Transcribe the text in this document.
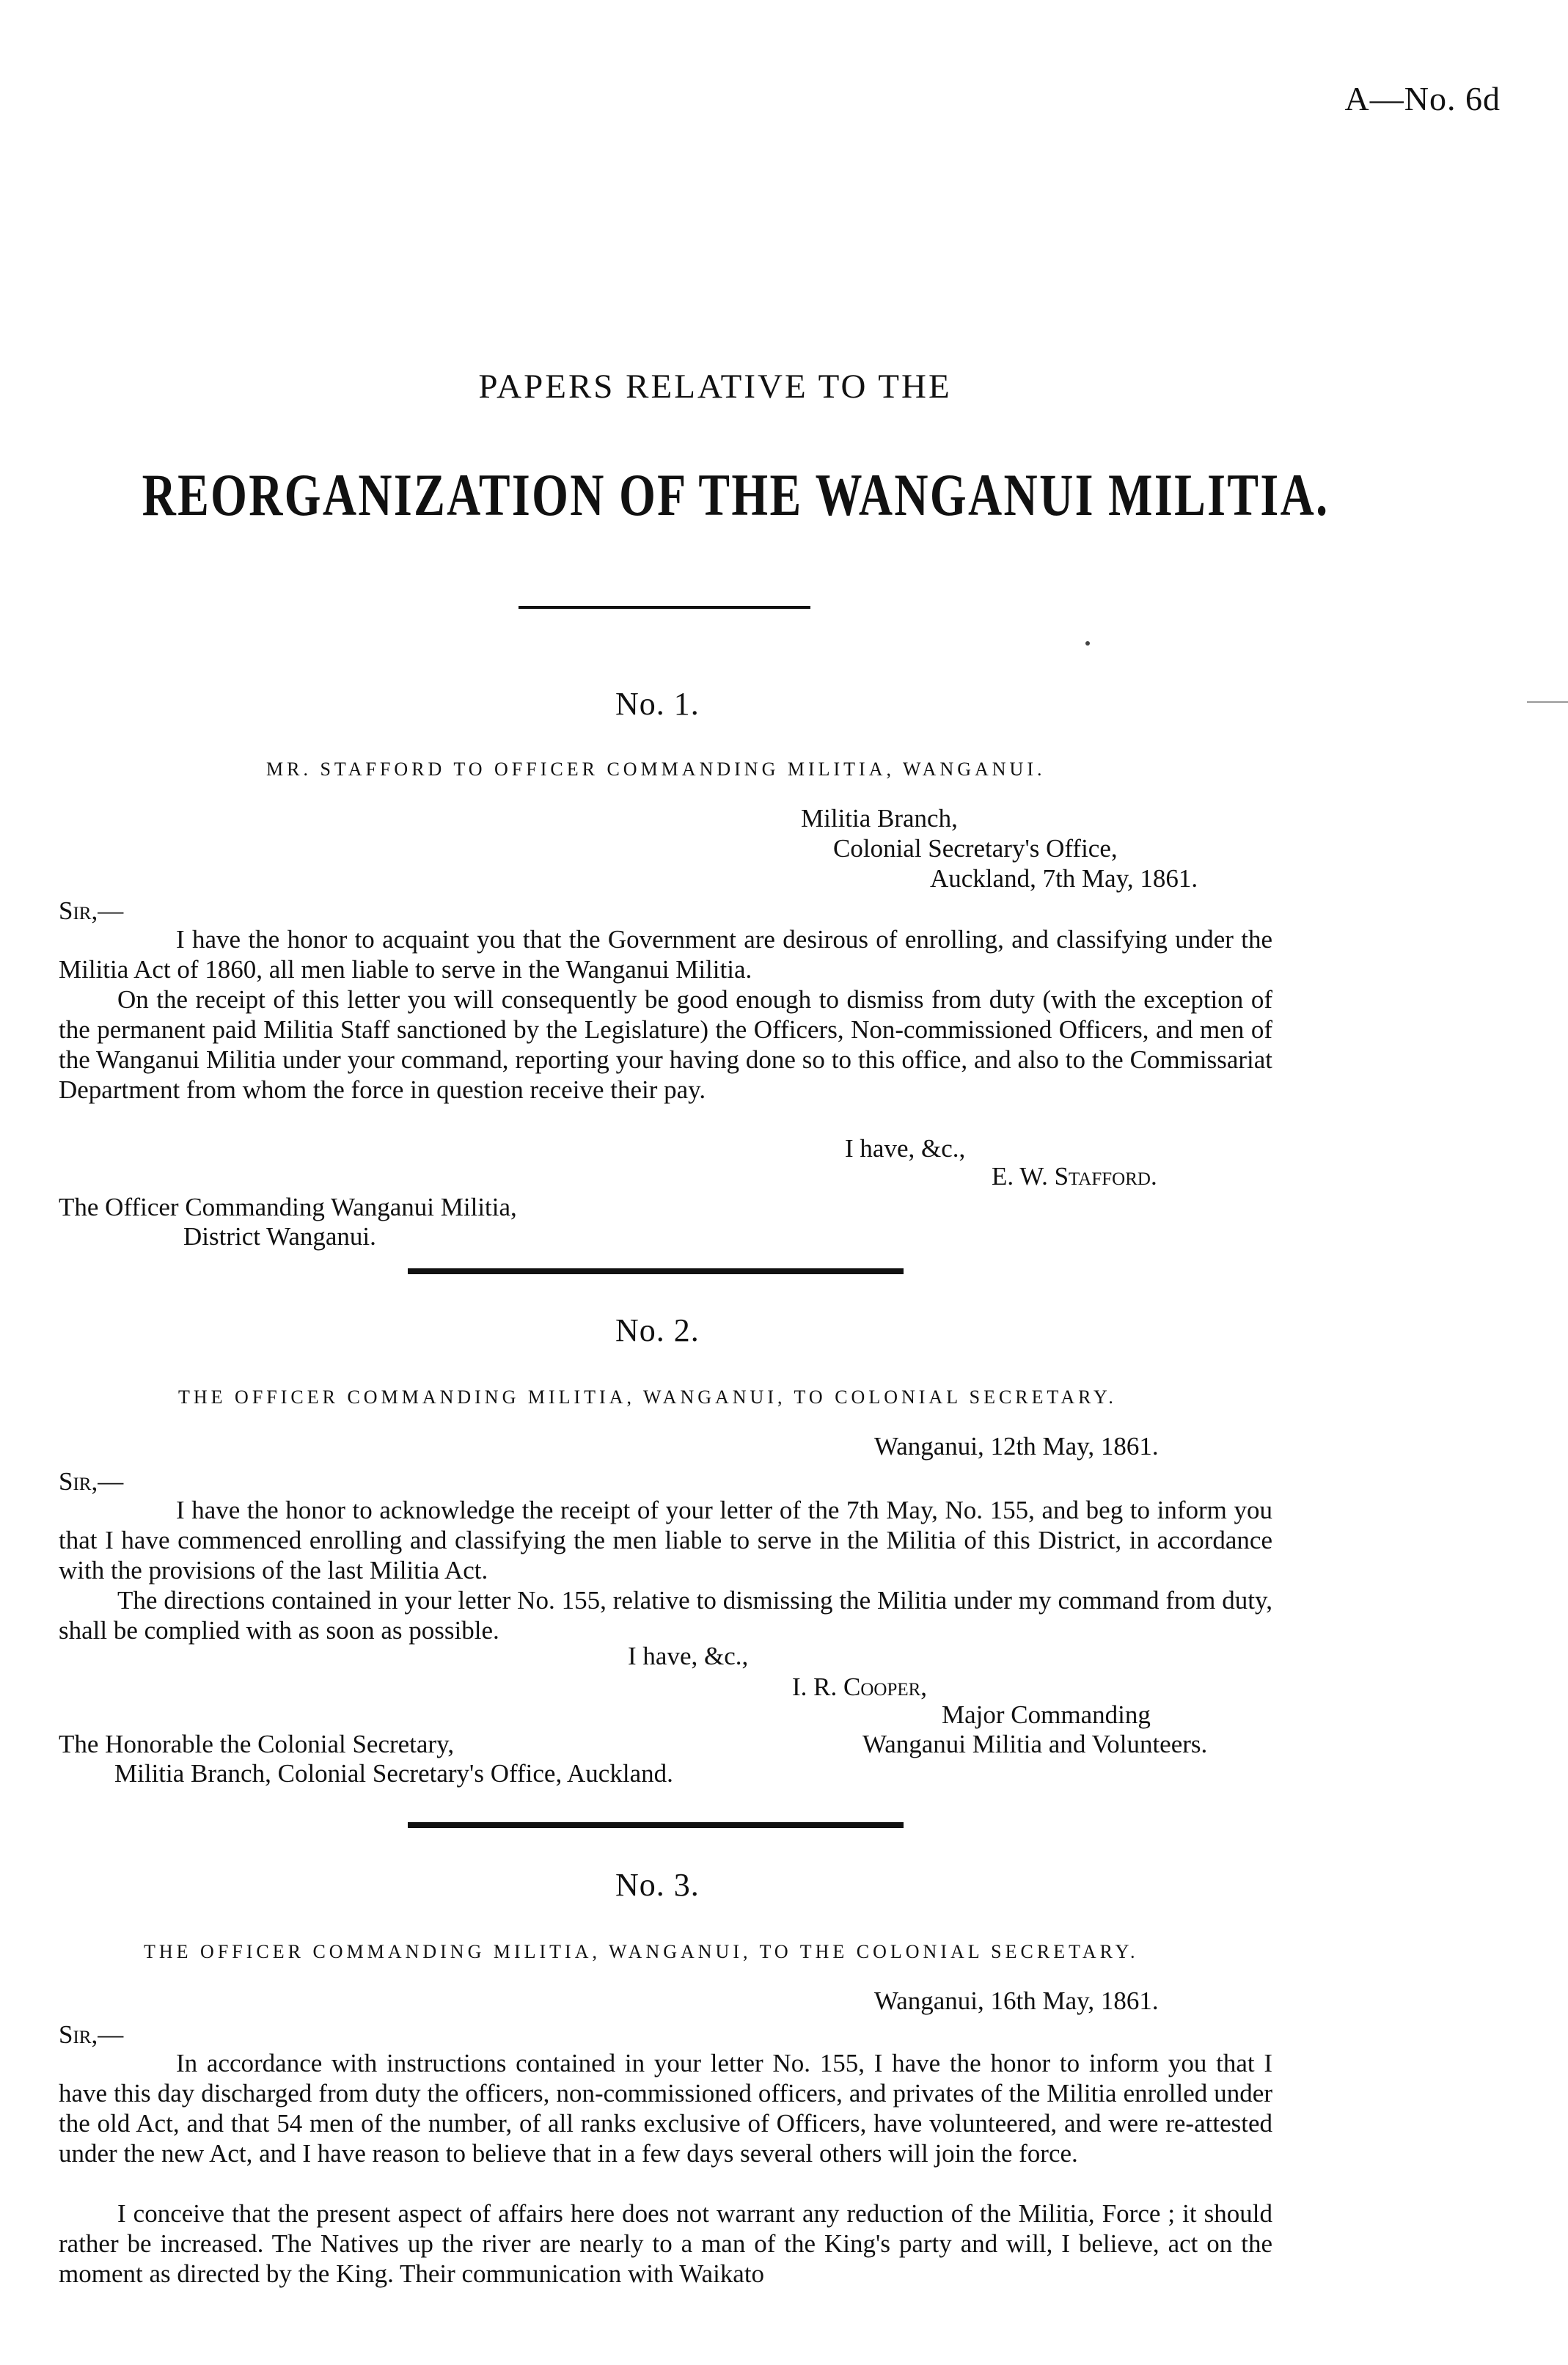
A—No. 6d
PAPERS RELATIVE TO THE
REORGANIZATION OF THE WANGANUI MILITIA.
No. 1.
MR. STAFFORD TO OFFICER COMMANDING MILITIA, WANGANUI.
Militia Branch,
Colonial Secretary's Office,
Auckland, 7th May, 1861.
Sir,—
I have the honor to acquaint you that the Government are desirous of enrolling, and classifying under the Militia Act of 1860, all men liable to serve in the Wanganui Militia.
On the receipt of this letter you will consequently be good enough to dismiss from duty (with the exception of the permanent paid Militia Staff sanctioned by the Legislature) the Officers, Non-commissioned Officers, and men of the Wanganui Militia under your command, reporting your having done so to this office, and also to the Commissariat Department from whom the force in question receive their pay.
I have, &c.,
E. W. Stafford.
The Officer Commanding Wanganui Militia,
District Wanganui.
No. 2.
THE OFFICER COMMANDING MILITIA, WANGANUI, TO COLONIAL SECRETARY.
Wanganui, 12th May, 1861.
Sir,—
I have the honor to acknowledge the receipt of your letter of the 7th May, No. 155, and beg to inform you that I have commenced enrolling and classifying the men liable to serve in the Militia of this District, in accordance with the provisions of the last Militia Act.
The directions contained in your letter No. 155, relative to dismissing the Militia under my command from duty, shall be complied with as soon as possible.
I have, &c.,
I. R. Cooper,
Major Commanding
Wanganui Militia and Volunteers.
The Honorable the Colonial Secretary,
Militia Branch, Colonial Secretary's Office, Auckland.
No. 3.
THE OFFICER COMMANDING MILITIA, WANGANUI, TO THE COLONIAL SECRETARY.
Wanganui, 16th May, 1861.
Sir,—
In accordance with instructions contained in your letter No. 155, I have the honor to inform you that I have this day discharged from duty the officers, non-commissioned officers, and privates of the Militia enrolled under the old Act, and that 54 men of the number, of all ranks exclusive of Officers, have volunteered, and were re-attested under the new Act, and I have reason to believe that in a few days several others will join the force.
I conceive that the present aspect of affairs here does not warrant any reduction of the Militia, Force ; it should rather be increased. The Natives up the river are nearly to a man of the King's party and will, I believe, act on the moment as directed by the King. Their communication with Waikato
